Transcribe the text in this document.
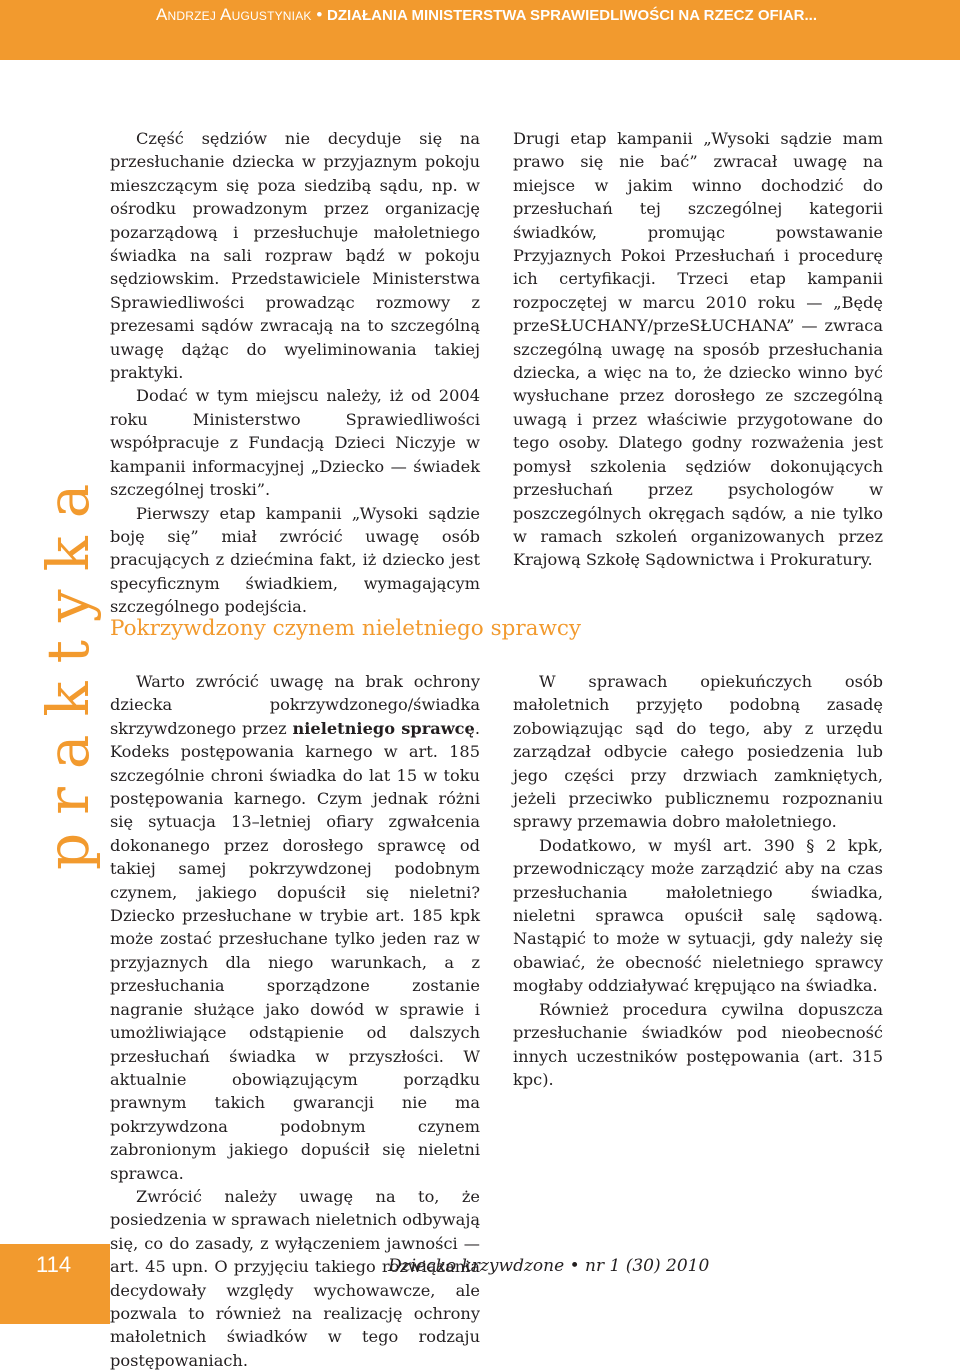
Andrzej Augustyniak • DZIAŁANIA MINISTERSTWA SPRAWIEDLIWOŚCI NA RZECZ OFIAR...
praktyka

Część sędziów nie decyduje się na przesłuchanie dziecka w przyjaznym pokoju mieszczącym się poza siedzibą sądu, np. w ośrodku prowadzonym przez organizację pozarządową i przesłuchuje małoletniego świadka na sali rozpraw bądź w pokoju sędziowskim. Przedstawiciele Ministerstwa Sprawiedliwości prowadząc rozmowy z prezesami sądów zwracają na to szczególną uwagę dążąc do wyeliminowania takiej praktyki.

Dodać w tym miejscu należy, iż od 2004 roku Ministerstwo Sprawiedliwości współpracuje z Fundacją Dzieci Niczyje w kampanii informacyjnej „Dziecko — świadek szczególnej troski”.

Pierwszy etap kampanii „Wysoki sądzie boję się” miał zwrócić uwagę osób pracujących z dziećmina fakt, iż dziecko jest specyficznym świadkiem, wymagającym szczególnego podejścia.

Drugi etap kampanii „Wysoki sądzie mam prawo się nie bać” zwracał uwagę na miejsce w jakim winno dochodzić do przesłuchań tej szczególnej kategorii świadków, promując powstawanie Przyjaznych Pokoi Przesłuchań i procedurę ich certyfikacji. Trzeci etap kampanii rozpoczętej w marcu 2010 roku — „Będę przeSŁUCHANY/przeSŁUCHANA” — zwraca szczególną uwagę na sposób przesłuchania dziecka, a więc na to, że dziecko winno być wysłuchane przez dorosłego ze szczególną uwagą i przez właściwie przygotowane do tego osoby. Dlatego godny rozważenia jest pomysł szkolenia sędziów dokonujących przesłuchań przez psychologów w poszczególnych okręgach sądów, a nie tylko w ramach szkoleń organizowanych przez Krajową Szkołę Sądownictwa i Prokuratury.

Pokrzywdzony czynem nieletniego sprawcy

Warto zwrócić uwagę na brak ochrony dziecka pokrzywdzonego/świadka skrzywdzonego przez nieletniego sprawcę. Kodeks postępowania karnego w art. 185 szczególnie chroni świadka do lat 15 w toku postępowania karnego. Czym jednak różni się sytuacja 13–letniej ofiary zgwałcenia dokonanego przez dorosłego sprawcę od takiej samej pokrzywdzonej podobnym czynem, jakiego dopuścił się nieletni? Dziecko przesłuchane w trybie art. 185 kpk może zostać przesłuchane tylko jeden raz w przyjaznych dla niego warunkach, a z przesłuchania sporządzone zostanie nagranie służące jako dowód w sprawie i umożliwiające odstąpienie od dalszych przesłuchań świadka w przyszłości. W aktualnie obowiązującym porządku prawnym takich gwarancji nie ma pokrzywdzona podobnym czynem zabronionym jakiego dopuścił się nieletni sprawca.

Zwrócić należy uwagę na to, że posiedzenia w sprawach nieletnich odbywają się, co do zasady, z wyłączeniem jawności — art. 45 upn. O przyjęciu takiego rozwiązania decydowały względy wychowawcze, ale pozwala to również na realizację ochrony małoletnich świadków w tego rodzaju postępowaniach.

W sprawach opiekuńczych osób małoletnich przyjęto podobną zasadę zobowiązując sąd do tego, aby z urzędu zarządzał odbycie całego posiedzenia lub jego części przy drzwiach zamkniętych, jeżeli przeciwko publicznemu rozpoznaniu sprawy przemawia dobro małoletniego.

Dodatkowo, w myśl art. 390 § 2 kpk, przewodniczący może zarządzić aby na czas przesłuchania małoletniego świadka, nieletni sprawca opuścił salę sądową. Nastąpić to może w sytuacji, gdy należy się obawiać, że obecność nieletniego sprawcy mogłaby oddziaływać krępująco na świadka.

Również procedura cywilna dopuszcza przesłuchanie świadków pod nieobecność innych uczestników postępowania (art. 315 kpc).

114	Dziecko krzywdzone • nr 1 (30) 2010
